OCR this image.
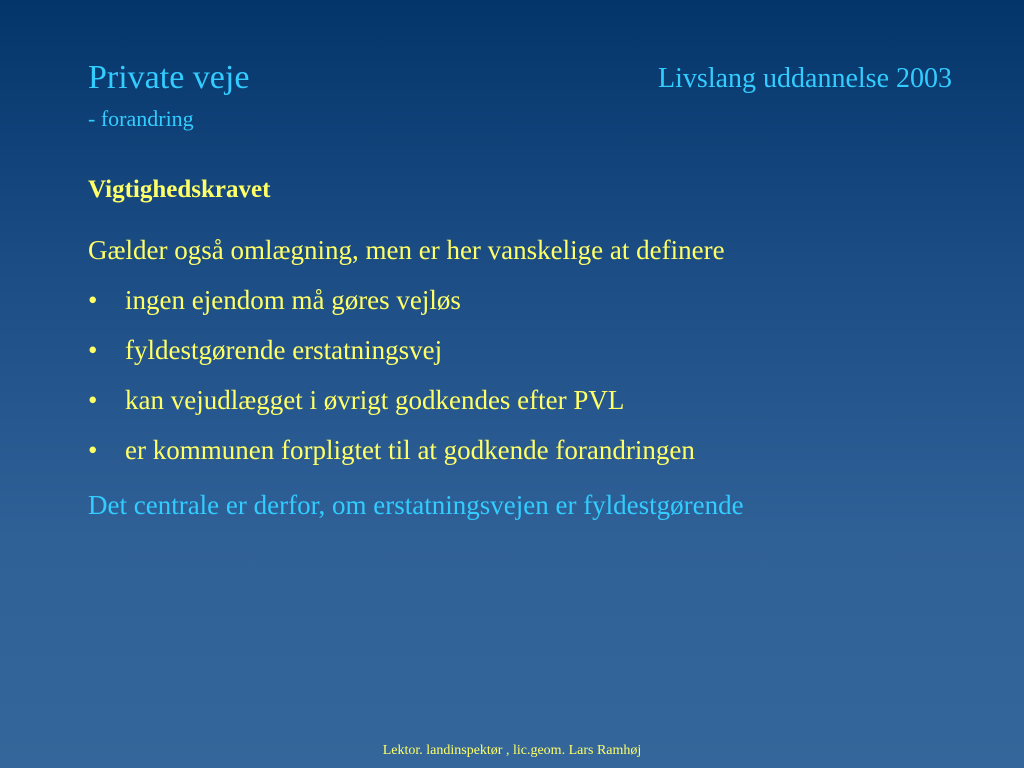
Private veje
- forandring
Livslang uddannelse 2003
Vigtighedskravet
Gælder også omlægning, men er her vanskelige at definere
• ingen ejendom må gøres vejløs
• fyldestgørende erstatningsvej
• kan vejudlægget i øvrigt godkendes efter PVL
• er kommunen forpligtet til at godkende forandringen
Det centrale er derfor, om erstatningsvejen er fyldestgørende
Lektor. landinspektør , lic.geom. Lars Ramhøj
